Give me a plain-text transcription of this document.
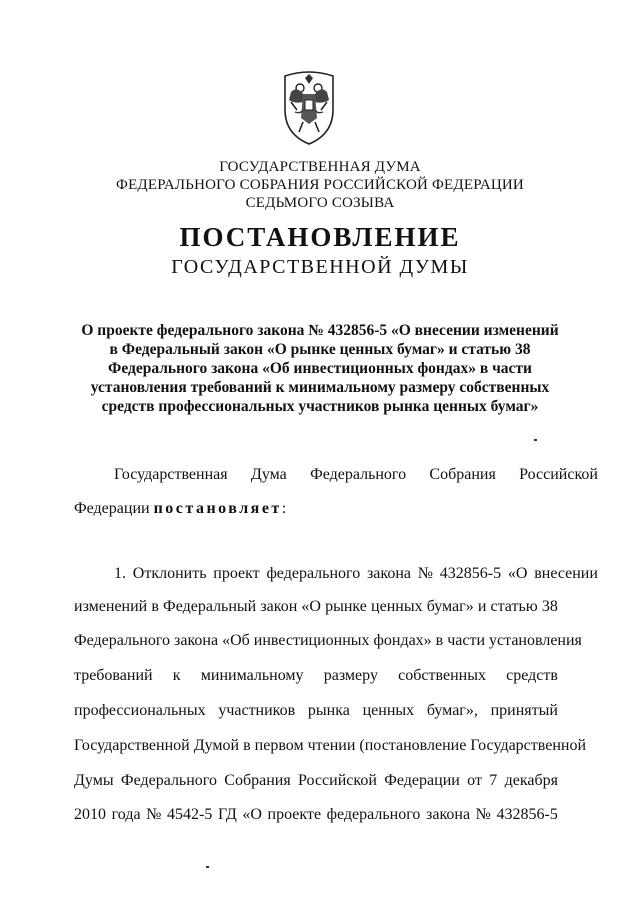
ГОСУДАРСТВЕННАЯ ДУМА
ФЕДЕРАЛЬНОГО СОБРАНИЯ РОССИЙСКОЙ ФЕДЕРАЦИИ
СЕДЬМОГО СОЗЫВА
ПОСТАНОВЛЕНИЕ
ГОСУДАРСТВЕННОЙ ДУМЫ
О проекте федерального закона № 432856-5 «О внесении изменений
в Федеральный закон «О рынке ценных бумаг» и статью 38
Федерального закона «Об инвестиционных фондах» в части
установления требований к минимальному размеру собственных
средств профессиональных участников рынка ценных бумаг»
Государственная Дума Федерального Собрания Российской
Федерации постановляет:
1. Отклонить проект федерального закона № 432856-5 «О внесении
изменений в Федеральный закон «О рынке ценных бумаг» и статью 38
Федерального закона «Об инвестиционных фондах» в части установления
требований к минимальному размеру собственных средств
профессиональных участников рынка ценных бумаг», принятый
Государственной Думой в первом чтении (постановление Государственной
Думы Федерального Собрания Российской Федерации от 7 декабря
2010 года № 4542-5 ГД «О проекте федерального закона № 432856-5
